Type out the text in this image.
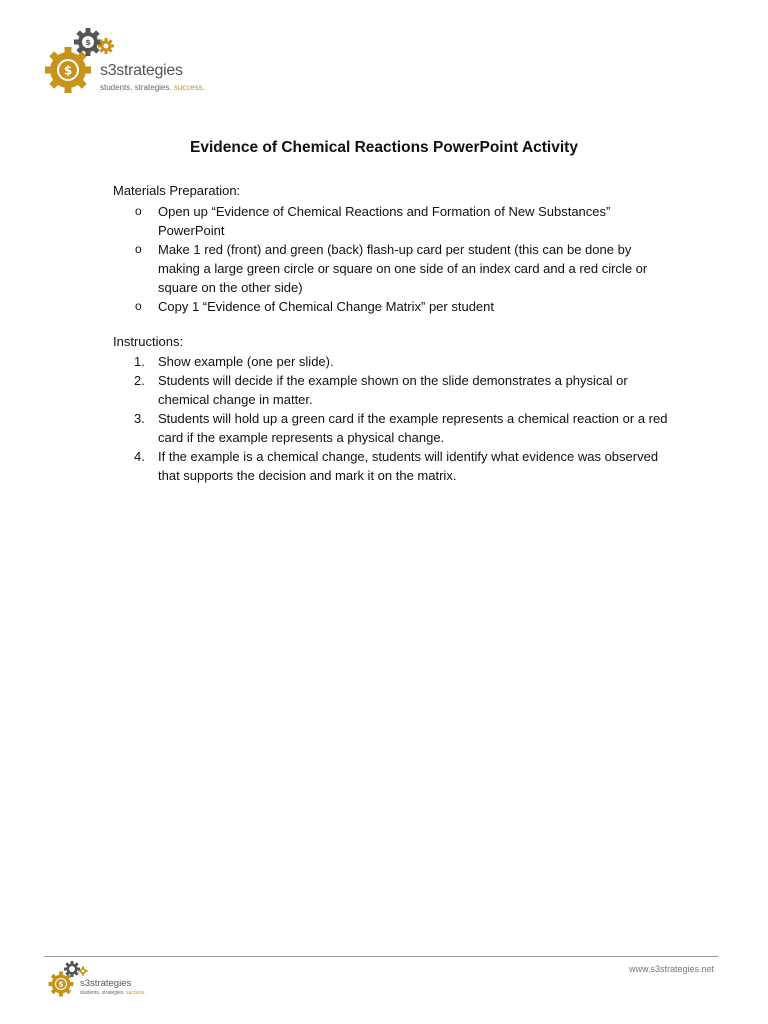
$
$
s3strategies
students. strategies. success.
Evidence of Chemical Reactions PowerPoint Activity
Materials Preparation:
o Open up “Evidence of Chemical Reactions and Formation of New Substances” PowerPoint
o Make 1 red (front) and green (back) flash-up card per student (this can be done by making a large green circle or square on one side of an index card and a red circle or square on the other side)
o Copy 1 “Evidence of Chemical Change Matrix” per student
Instructions:
1.	Show example (one per slide).
2.	Students will decide if the example shown on the slide demonstrates a physical or chemical change in matter.
3.	Students will hold up a green card if the example represents a chemical reaction or a red card if the example represents a physical change.
4.	If the example is a chemical change, students will identify what evidence was observed that supports the decision and mark it on the matrix.
$ s3strategies
students. strategies. success.
www.s3strategies.net
